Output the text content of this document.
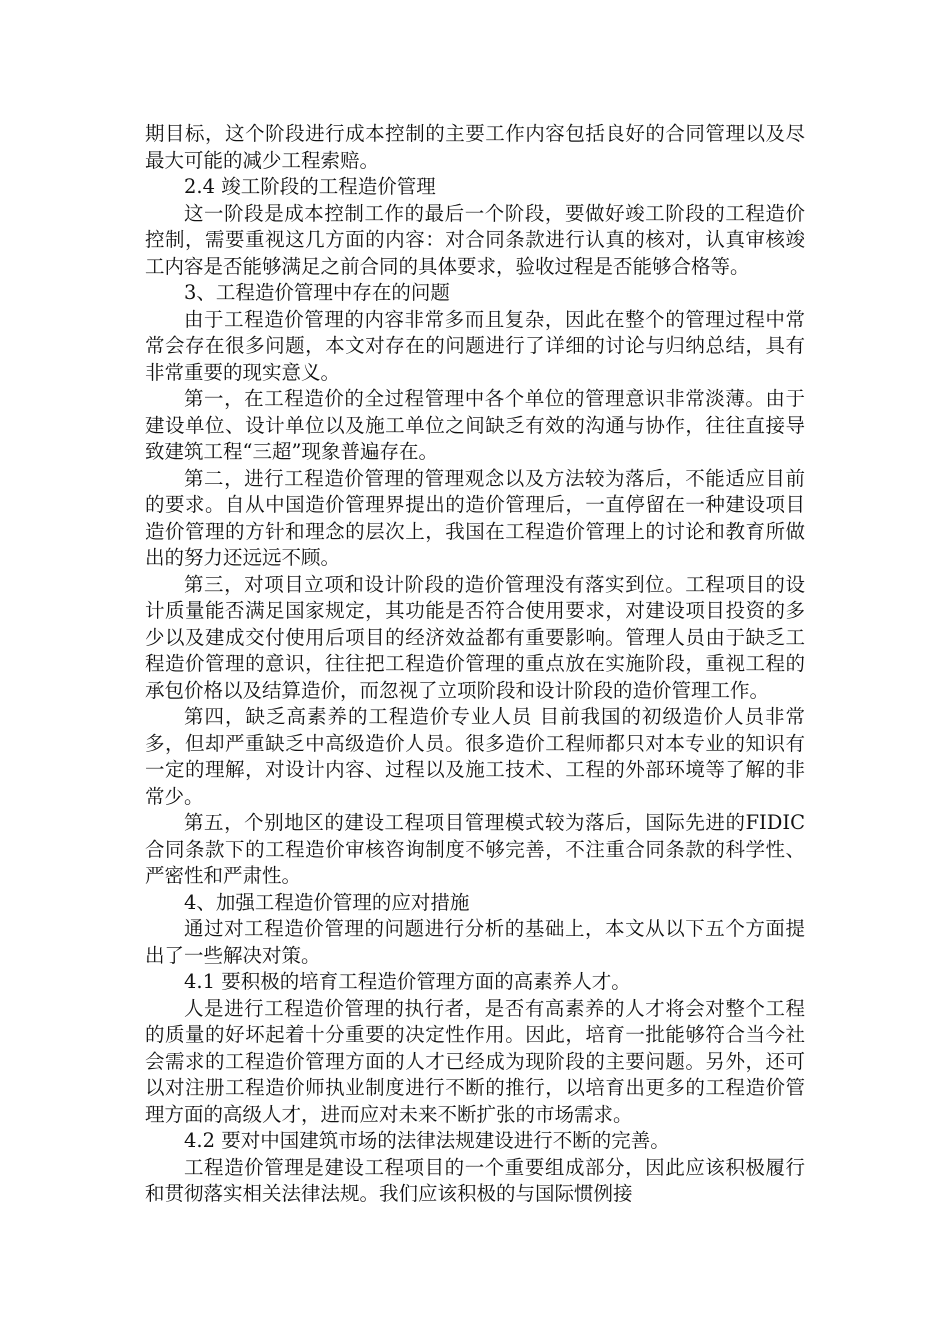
期目标，这个阶段进行成本控制的主要工作内容包括良好的合同管理以及尽最大可能的减少工程索赔。

2.4 竣工阶段的工程造价管理

这一阶段是成本控制工作的最后一个阶段，要做好竣工阶段的工程造价控制，需要重视这几方面的内容：对合同条款进行认真的核对，认真审核竣工内容是否能够满足之前合同的具体要求，验收过程是否能够合格等。

3、工程造价管理中存在的问题

由于工程造价管理的内容非常多而且复杂，因此在整个的管理过程中常常会存在很多问题，本文对存在的问题进行了详细的讨论与归纳总结，具有非常重要的现实意义。

第一，在工程造价的全过程管理中各个单位的管理意识非常淡薄。由于建设单位、设计单位以及施工单位之间缺乏有效的沟通与协作，往往直接导致建筑工程“三超”现象普遍存在。

第二，进行工程造价管理的管理观念以及方法较为落后，不能适应目前的要求。自从中国造价管理界提出的造价管理后，一直停留在一种建设项目造价管理的方针和理念的层次上，我国在工程造价管理上的讨论和教育所做出的努力还远远不顾。

第三，对项目立项和设计阶段的造价管理没有落实到位。工程项目的设计质量能否满足国家规定，其功能是否符合使用要求，对建设项目投资的多少以及建成交付使用后项目的经济效益都有重要影响。管理人员由于缺乏工程造价管理的意识，往往把工程造价管理的重点放在实施阶段，重视工程的承包价格以及结算造价，而忽视了立项阶段和设计阶段的造价管理工作。

第四，缺乏高素养的工程造价专业人员 目前我国的初级造价人员非常多，但却严重缺乏中高级造价人员。很多造价工程师都只对本专业的知识有一定的理解，对设计内容、过程以及施工技术、工程的外部环境等了解的非常少。

第五，个别地区的建设工程项目管理模式较为落后，国际先进的FIDIC 合同条款下的工程造价审核咨询制度不够完善，不注重合同条款的科学性、严密性和严肃性。

4、加强工程造价管理的应对措施

通过对工程造价管理的问题进行分析的基础上，本文从以下五个方面提出了一些解决对策。

4.1 要积极的培育工程造价管理方面的高素养人才。

人是进行工程造价管理的执行者，是否有高素养的人才将会对整个工程的质量的好坏起着十分重要的决定性作用。因此，培育一批能够符合当今社会需求的工程造价管理方面的人才已经成为现阶段的主要问题。另外，还可以对注册工程造价师执业制度进行不断的推行，以培育出更多的工程造价管理方面的高级人才，进而应对未来不断扩张的市场需求。

4.2 要对中国建筑市场的法律法规建设进行不断的完善。

工程造价管理是建设工程项目的一个重要组成部分，因此应该积极履行和贯彻落实相关法律法规。我们应该积极的与国际惯例接
